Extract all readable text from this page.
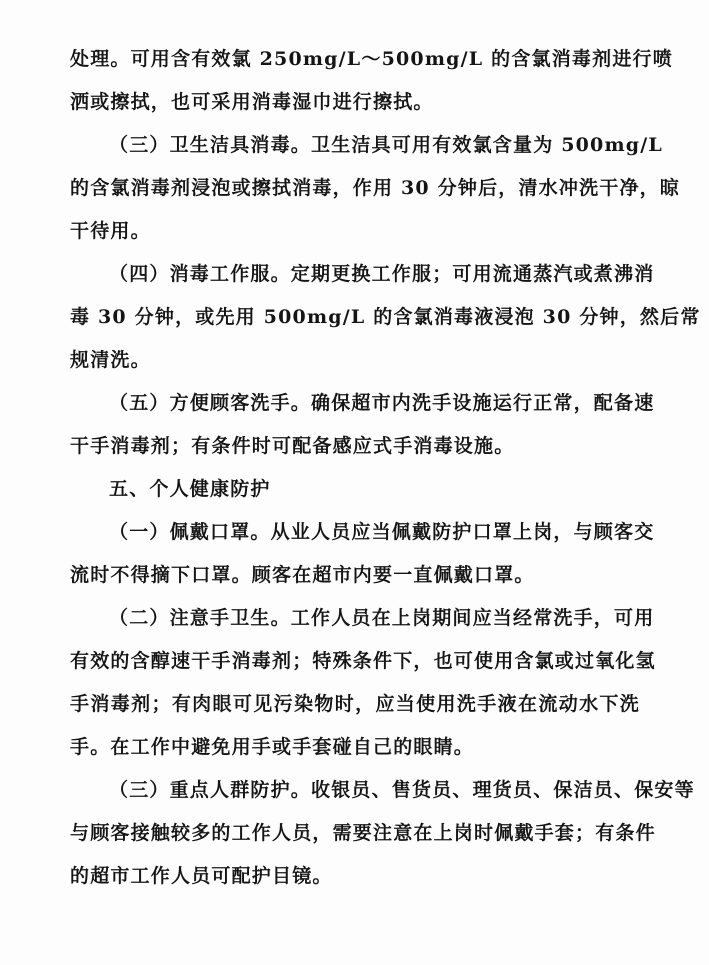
处理。可用含有效氯 250mg/L～500mg/L 的含氯消毒剂进行喷
洒或擦拭，也可采用消毒湿巾进行擦拭。
（三）卫生洁具消毒。卫生洁具可用有效氯含量为 500mg/L
的含氯消毒剂浸泡或擦拭消毒，作用 30 分钟后，清水冲洗干净，晾
干待用。
（四）消毒工作服。定期更换工作服；可用流通蒸汽或煮沸消
毒 30 分钟，或先用 500mg/L 的含氯消毒液浸泡 30 分钟，然后常
规清洗。
（五）方便顾客洗手。确保超市内洗手设施运行正常，配备速
干手消毒剂；有条件时可配备感应式手消毒设施。
五、个人健康防护
（一）佩戴口罩。从业人员应当佩戴防护口罩上岗，与顾客交
流时不得摘下口罩。顾客在超市内要一直佩戴口罩。
（二）注意手卫生。工作人员在上岗期间应当经常洗手，可用
有效的含醇速干手消毒剂；特殊条件下，也可使用含氯或过氧化氢
手消毒剂；有肉眼可见污染物时，应当使用洗手液在流动水下洗
手。在工作中避免用手或手套碰自己的眼睛。
（三）重点人群防护。收银员、售货员、理货员、保洁员、保安等
与顾客接触较多的工作人员，需要注意在上岗时佩戴手套；有条件
的超市工作人员可配护目镜。
